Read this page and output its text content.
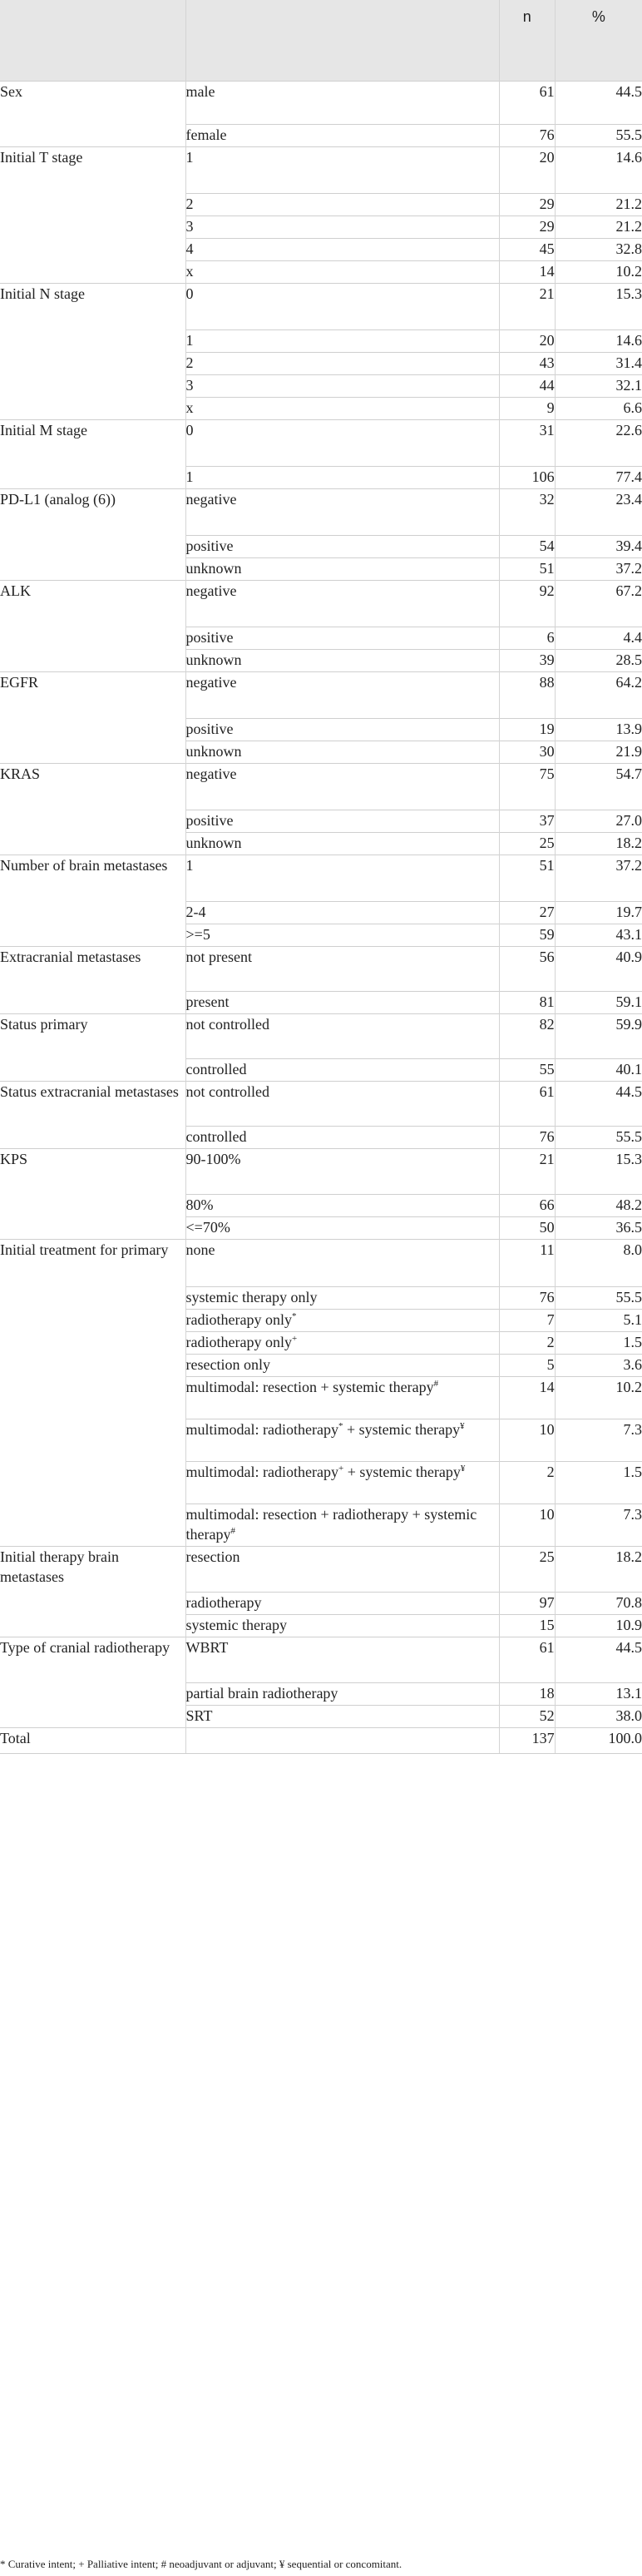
		n	%
Sex	male	61	44.5
	female	76	55.5
Initial T stage	1	20	14.6
	2	29	21.2
	3	29	21.2
	4	45	32.8
	x	14	10.2
Initial N stage	0	21	15.3
	1	20	14.6
	2	43	31.4
	3	44	32.1
	x	9	6.6
Initial M stage	0	31	22.6
	1	106	77.4
PD-L1 (analog (6))	negative	32	23.4
	positive	54	39.4
	unknown	51	37.2
ALK	negative	92	67.2
	positive	6	4.4
	unknown	39	28.5
EGFR	negative	88	64.2
	positive	19	13.9
	unknown	30	21.9
KRAS	negative	75	54.7
	positive	37	27.0
	unknown	25	18.2
Number of brain metastases	1	51	37.2
	2-4	27	19.7
	>=5	59	43.1
Extracranial metastases	not present	56	40.9
	present	81	59.1
Status primary	not controlled	82	59.9
	controlled	55	40.1
Status extracranial metastases	not controlled	61	44.5
	controlled	76	55.5
KPS	90-100%	21	15.3
	80%	66	48.2
	<=70%	50	36.5
Initial treatment for primary	none	11	8.0
	systemic therapy only	76	55.5
	radiotherapy only*	7	5.1
	radiotherapy only+	2	1.5
	resection only	5	3.6
	multimodal: resection + systemic therapy#	14	10.2
	multimodal: radiotherapy* + systemic therapy¥	10	7.3
	multimodal: radiotherapy+ + systemic therapy¥	2	1.5
	multimodal: resection + radiotherapy + systemic therapy#	10	7.3
Initial therapy brain metastases	resection	25	18.2
	radiotherapy	97	70.8
	systemic therapy	15	10.9
Type of cranial radiotherapy	WBRT	61	44.5
	partial brain radiotherapy	18	13.1
	SRT	52	38.0
Total		137	100.0
* Curative intent; + Palliative intent; # neoadjuvant or adjuvant; ¥ sequential or concomitant.
